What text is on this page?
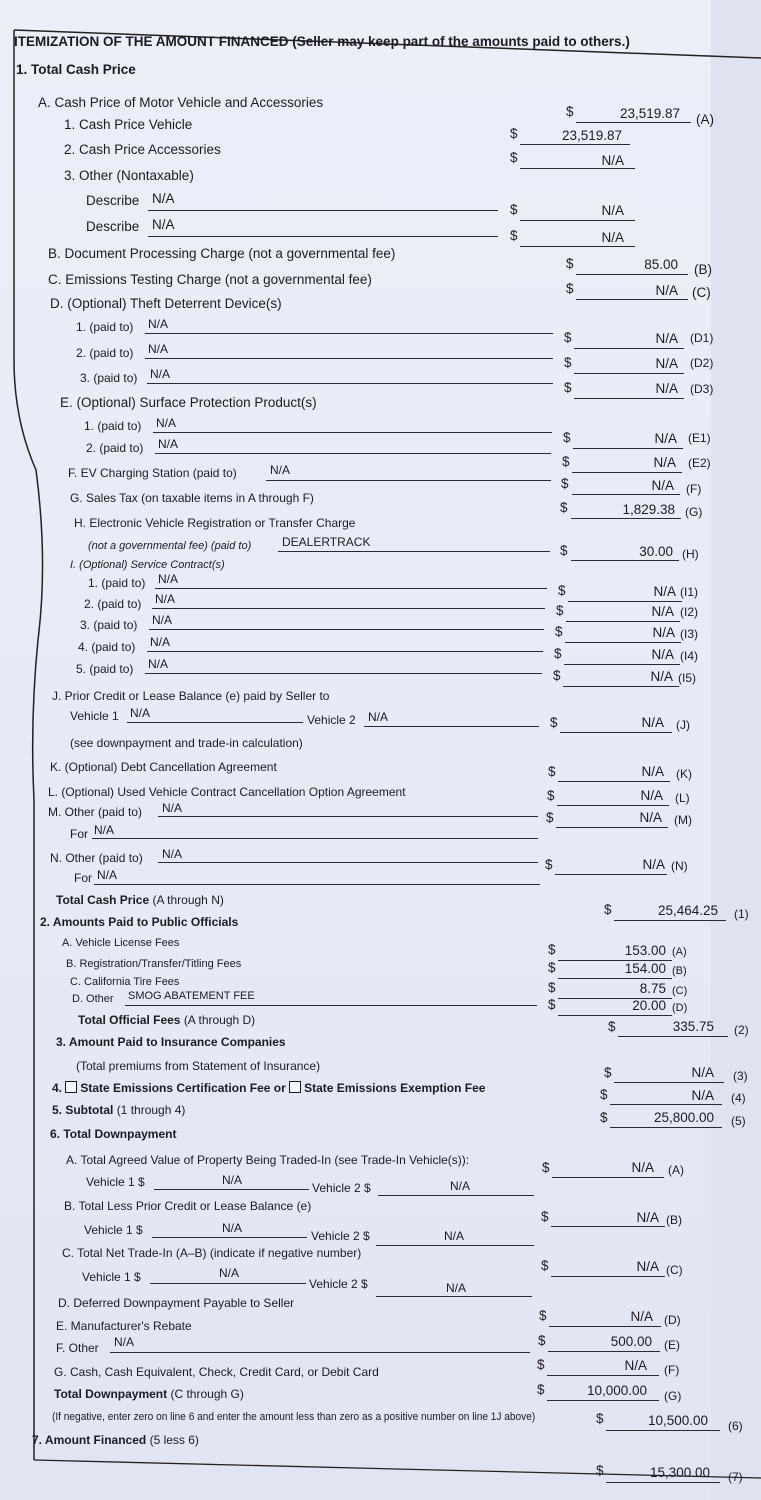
ITEMIZATION OF THE AMOUNT FINANCED (Seller may keep part of the amounts paid to others.)
1. Total Cash Price
A. Cash Price of Motor Vehicle and Accessories
$	23,519.87 (A)
1. Cash Price Vehicle
$	23,519.87
2. Cash Price Accessories
$	N/A
3. Other (Nontaxable)
Describe N/A
$	N/A
Describe N/A
$	N/A
B. Document Processing Charge (not a governmental fee)
$	85.00 (B)
C. Emissions Testing Charge (not a governmental fee)
$	N/A (C)
D. (Optional) Theft Deterrent Device(s)
1. (paid to) N/A
$	N/A (D1)
2. (paid to) N/A
$	N/A (D2)
3. (paid to) N/A
$	N/A (D3)
E. (Optional) Surface Protection Product(s)
1. (paid to) N/A
$	N/A (E1)
2. (paid to) N/A
$	N/A (E2)
F. EV Charging Station (paid to)	N/A
$	N/A (F)
G. Sales Tax (on taxable items in A through F)
$	1,829.38 (G)
H. Electronic Vehicle Registration or Transfer Charge
(not a governmental fee) (paid to)	DEALERTRACK
$	30.00 (H)
I. (Optional) Service Contract(s)
1. (paid to) N/A
$	N/A (I1)
2. (paid to) N/A
$	N/A (I2)
3. (paid to) N/A
$	N/A (I3)
4. (paid to) N/A
$	N/A (I4)
5. (paid to) N/A
$	N/A (I5)
J. Prior Credit or Lease Balance (e) paid by Seller to
Vehicle 1 N/A	Vehicle 2 N/A	$	N/A (J)
(see downpayment and trade-in calculation)
K. (Optional) Debt Cancellation Agreement	$	N/A (K)
L. (Optional) Used Vehicle Contract Cancellation Option Agreement	$	N/A (L)
M. Other (paid to) N/A
$	N/A (M)
For N/A
N. Other (paid to) N/A
$	N/A (N)
For N/A
Total Cash Price (A through N)
$	25,464.25 (1)
2. Amounts Paid to Public Officials
A. Vehicle License Fees	$	153.00 (A)
B. Registration/Transfer/Titling Fees	$	154.00 (B)
C. California Tire Fees	$	8.75 (C)
D. Other SMOG ABATEMENT FEE
$	20.00 (D)
Total Official Fees (A through D)	$	335.75 (2)
3. Amount Paid to Insurance Companies
(Total premiums from Statement of Insurance)	$	N/A (3)
4. State Emissions Certification Fee or State Emissions Exemption Fee	$	N/A (4)
5. Subtotal (1 through 4)	$	25,800.00 (5)
6. Total Downpayment
A. Total Agreed Value of Property Being Traded-In (see Trade-In Vehicle(s)):
Vehicle 1 $	N/A
Vehicle 2 $	N/A
$	N/A (A)
B. Total Less Prior Credit or Lease Balance (e)
Vehicle 1 $	N/A
Vehicle 2 $	N/A
$	N/A (B)
C. Total Net Trade-In (A–B) (indicate if negative number)
Vehicle 1 $	N/A
Vehicle 2 $	N/A
$	N/A (C)
D. Deferred Downpayment Payable to Seller
$	N/A (D)
E. Manufacturer's Rebate
$	500.00 (E)
F. Other N/A
$	N/A (F)
G. Cash, Cash Equivalent, Check, Credit Card, or Debit Card
$	10,000.00 (G)
Total Downpayment (C through G)
$	10,500.00 (6)
(If negative, enter zero on line 6 and enter the amount less than zero as a positive number on line 1J above)
7. Amount Financed (5 less 6)
$	15,300.00 (7)
